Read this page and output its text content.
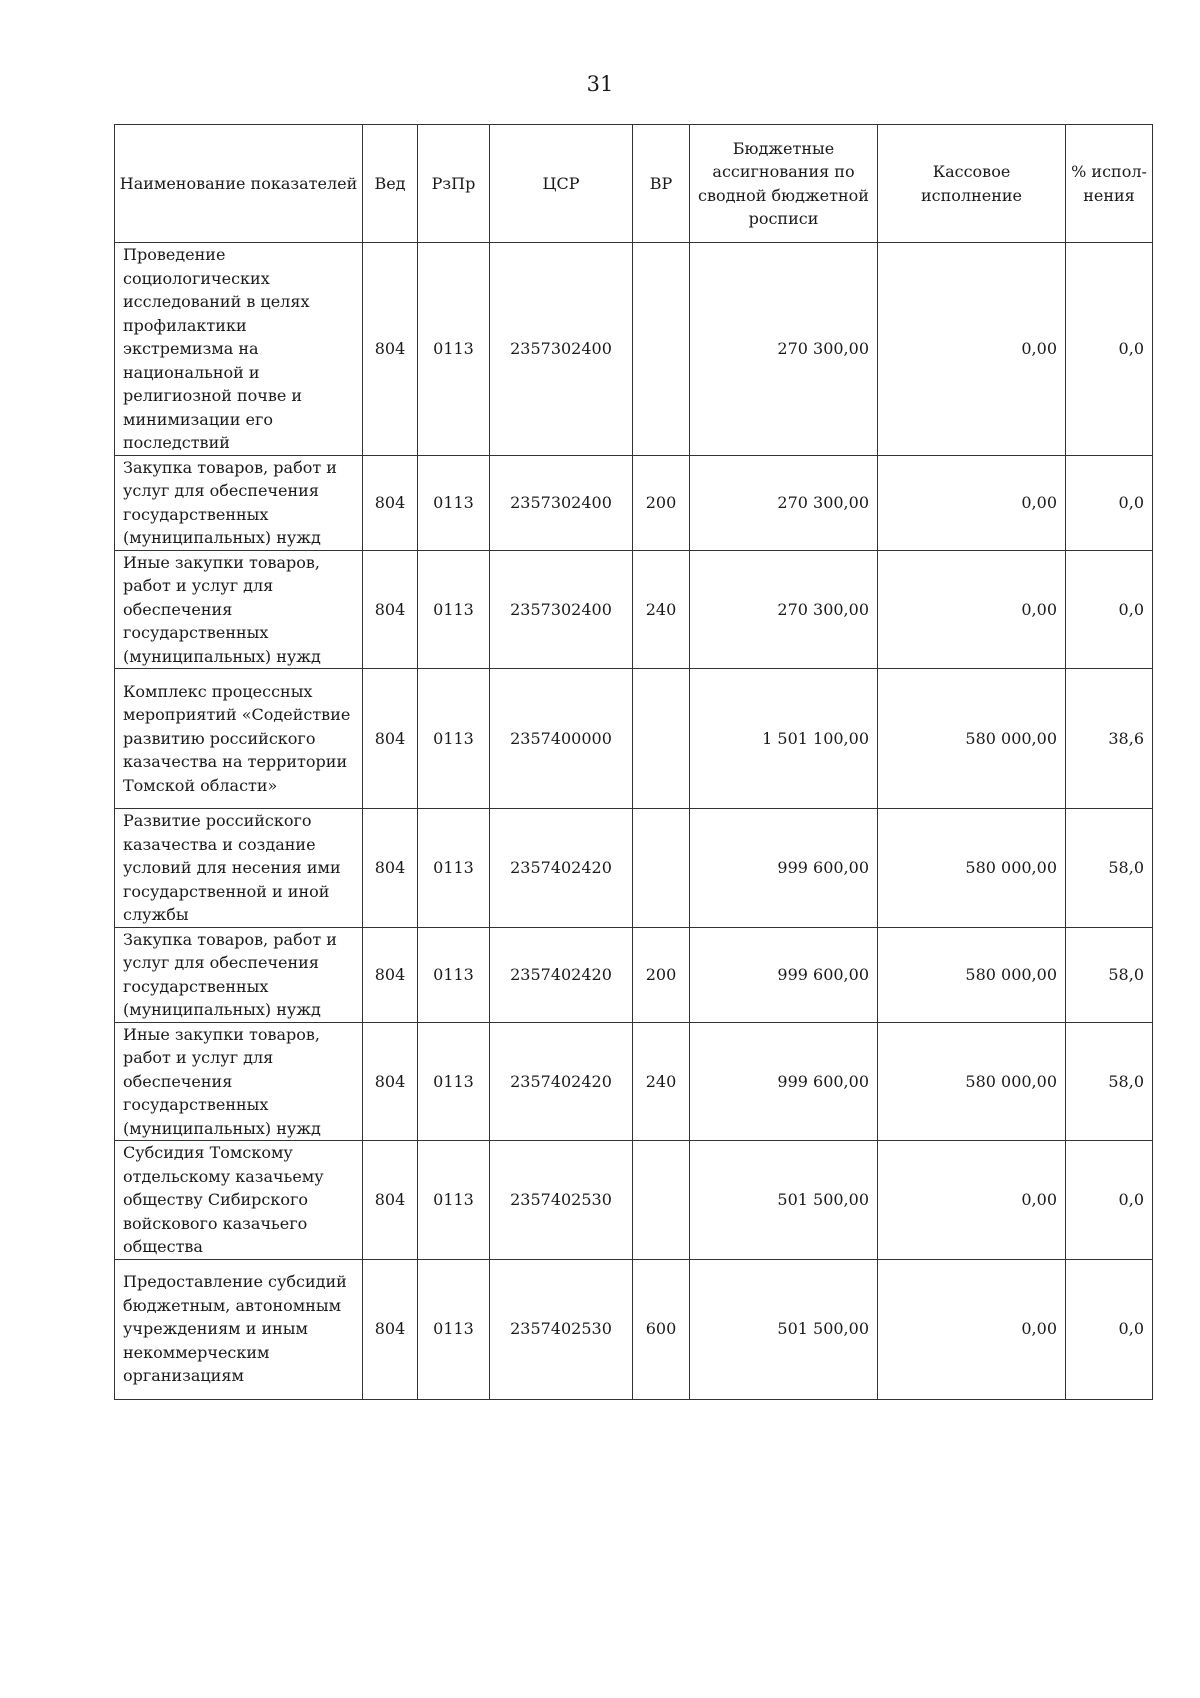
31
Наименование показателей	Вед	РзПр	ЦСР	ВР	Бюджетные ассигнования по сводной бюджетной росписи	Кассовое исполнение	% испол-нения
Проведение социологических исследований в целях профилактики экстремизма на национальной и религиозной почве и минимизации его последствий	804	0113	2357302400		270 300,00	0,00	0,0
Закупка товаров, работ и услуг для обеспечения государственных (муниципальных) нужд	804	0113	2357302400	200	270 300,00	0,00	0,0
Иные закупки товаров, работ и услуг для обеспечения государственных (муниципальных) нужд	804	0113	2357302400	240	270 300,00	0,00	0,0
Комплекс процессных мероприятий «Содействие развитию российского казачества на территории Томской области»	804	0113	2357400000		1 501 100,00	580 000,00	38,6
Развитие российского казачества и создание условий для несения ими государственной и иной службы	804	0113	2357402420		999 600,00	580 000,00	58,0
Закупка товаров, работ и услуг для обеспечения государственных (муниципальных) нужд	804	0113	2357402420	200	999 600,00	580 000,00	58,0
Иные закупки товаров, работ и услуг для обеспечения государственных (муниципальных) нужд	804	0113	2357402420	240	999 600,00	580 000,00	58,0
Субсидия Томскому отдельскому казачьему обществу Сибирского войскового казачьего общества	804	0113	2357402530		501 500,00	0,00	0,0
Предоставление субсидий бюджетным, автономным учреждениям и иным некоммерческим организациям	804	0113	2357402530	600	501 500,00	0,00	0,0
